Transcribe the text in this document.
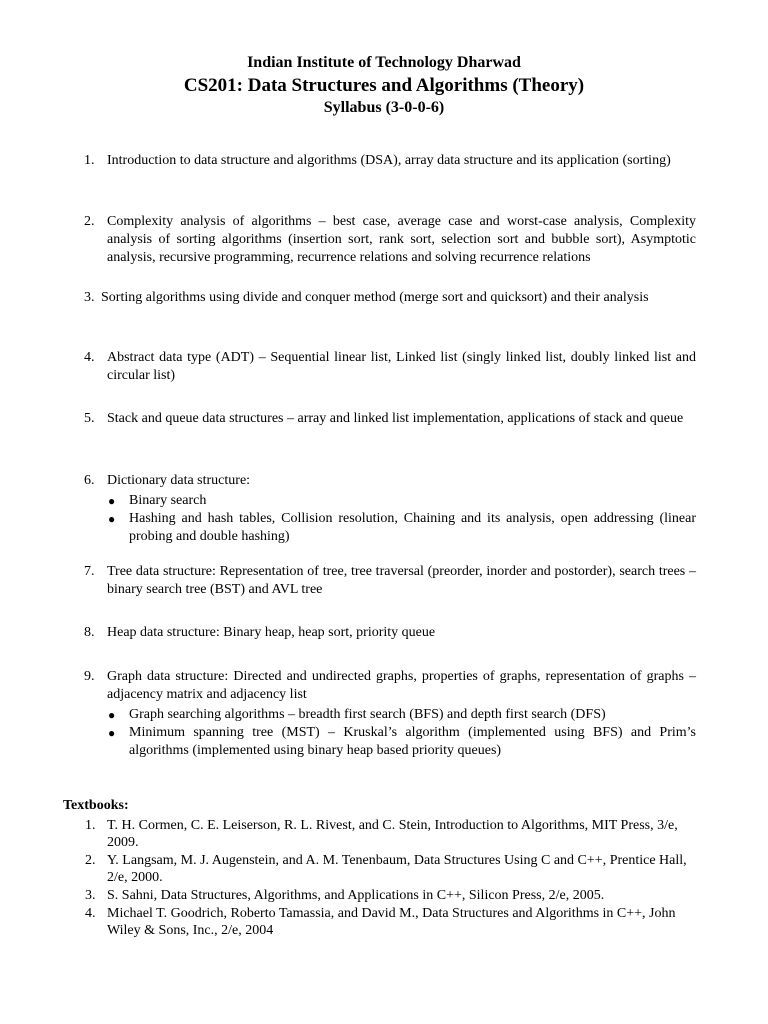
Indian Institute of Technology Dharwad
CS201: Data Structures and Algorithms (Theory)
Syllabus (3-0-0-6)
1. Introduction to data structure and algorithms (DSA), array data structure and its application (sorting)
2. Complexity analysis of algorithms – best case, average case and worst-case analysis, Complexity analysis of sorting algorithms (insertion sort, rank sort, selection sort and bubble sort), Asymptotic analysis, recursive programming, recurrence relations and solving recurrence relations
3. Sorting algorithms using divide and conquer method (merge sort and quicksort) and their analysis
4. Abstract data type (ADT) – Sequential linear list, Linked list (singly linked list, doubly linked list and circular list)
5. Stack and queue data structures – array and linked list implementation, applications of stack and queue
6. Dictionary data structure:
● Binary search
● Hashing and hash tables, Collision resolution, Chaining and its analysis, open addressing (linear probing and double hashing)
7. Tree data structure: Representation of tree, tree traversal (preorder, inorder and postorder), search trees – binary search tree (BST) and AVL tree
8. Heap data structure: Binary heap, heap sort, priority queue
9. Graph data structure: Directed and undirected graphs, properties of graphs, representation of graphs – adjacency matrix and adjacency list
● Graph searching algorithms – breadth first search (BFS) and depth first search (DFS)
● Minimum spanning tree (MST) – Kruskal’s algorithm (implemented using BFS) and Prim’s algorithms (implemented using binary heap based priority queues)
Textbooks:
1. T. H. Cormen, C. E. Leiserson, R. L. Rivest, and C. Stein, Introduction to Algorithms, MIT Press, 3/e, 2009.
2. Y. Langsam, M. J. Augenstein, and A. M. Tenenbaum, Data Structures Using C and C++, Prentice Hall, 2/e, 2000.
3. S. Sahni, Data Structures, Algorithms, and Applications in C++, Silicon Press, 2/e, 2005.
4. Michael T. Goodrich, Roberto Tamassia, and David M., Data Structures and Algorithms in C++, John Wiley & Sons, Inc., 2/e, 2004
